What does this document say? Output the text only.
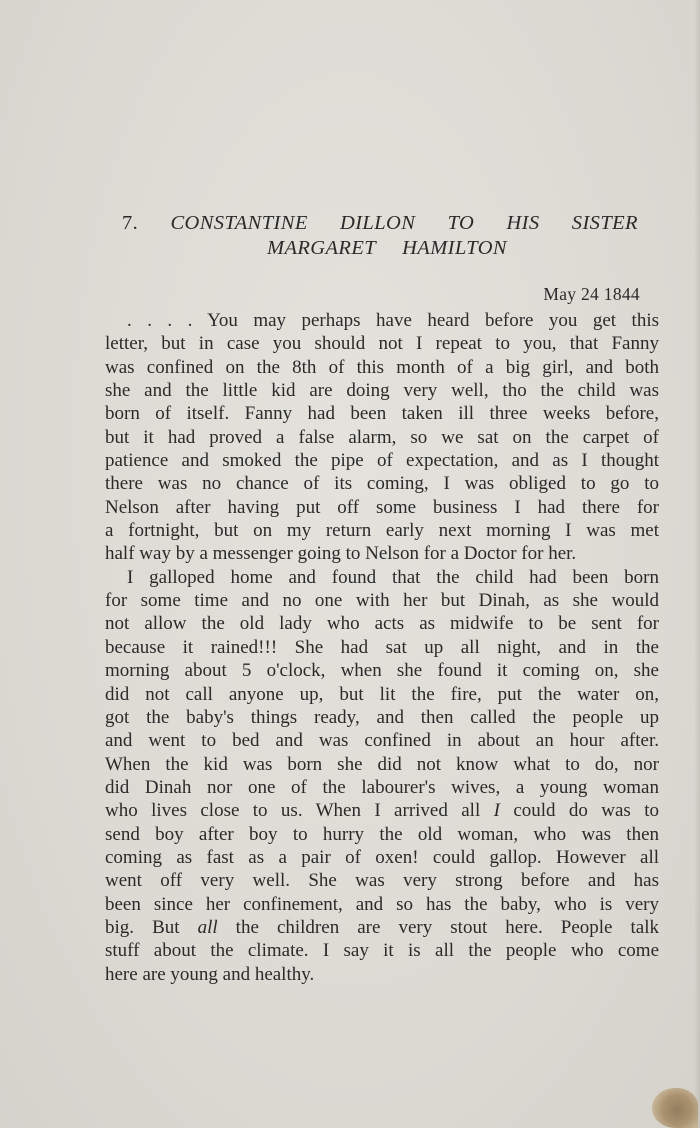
7. CONSTANTINE DILLON TO HIS SISTER
MARGARET HAMILTON
May 24 1844
. . . . You may perhaps have heard before you get this
letter, but in case you should not I repeat to you, that Fanny
was confined on the 8th of this month of a big girl, and both
she and the little kid are doing very well, tho the child was
born of itself. Fanny had been taken ill three weeks before,
but it had proved a false alarm, so we sat on the carpet of
patience and smoked the pipe of expectation, and as I thought
there was no chance of its coming, I was obliged to go to
Nelson after having put off some business I had there for
a fortnight, but on my return early next morning I was met
half way by a messenger going to Nelson for a Doctor for her.
I galloped home and found that the child had been born
for some time and no one with her but Dinah, as she would
not allow the old lady who acts as midwife to be sent for
because it rained!!! She had sat up all night, and in the
morning about 5 o'clock, when she found it coming on, she
did not call anyone up, but lit the fire, put the water on,
got the baby's things ready, and then called the people up
and went to bed and was confined in about an hour after.
When the kid was born she did not know what to do, nor
did Dinah nor one of the labourer's wives, a young woman
who lives close to us. When I arrived all I could do was to
send boy after boy to hurry the old woman, who was then
coming as fast as a pair of oxen! could gallop. However all
went off very well. She was very strong before and has
been since her confinement, and so has the baby, who is very
big. But all the children are very stout here. People talk
stuff about the climate. I say it is all the people who come
here are young and healthy.
